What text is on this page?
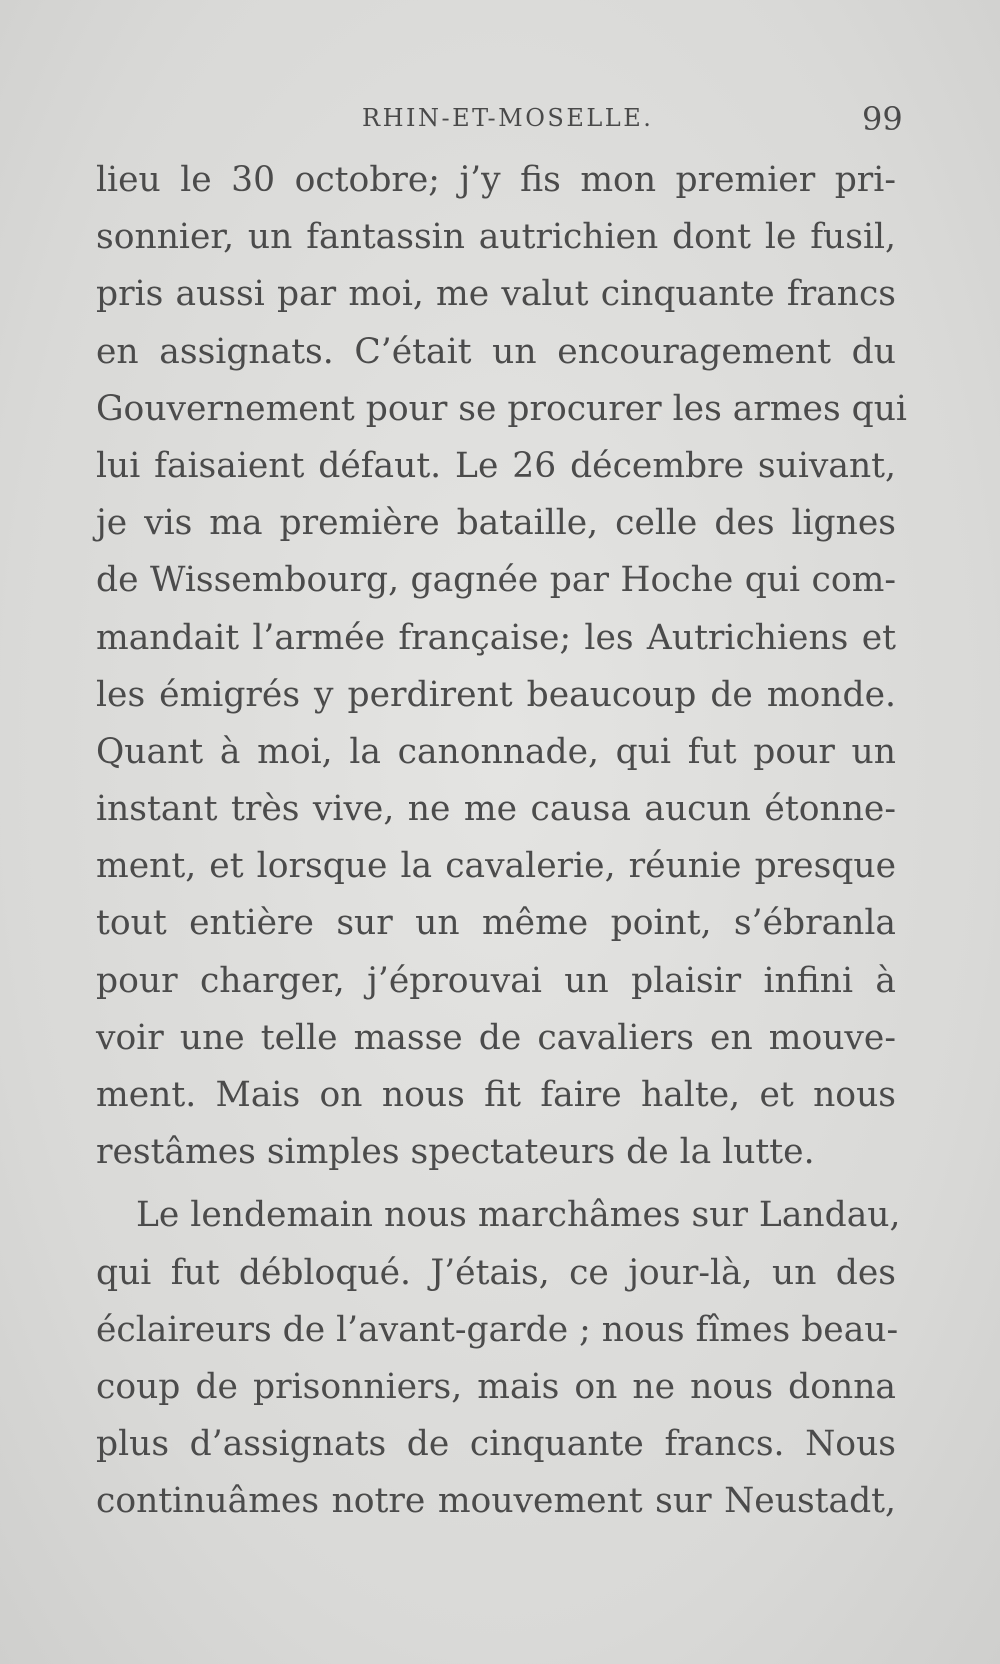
RHIN-ET-MOSELLE.	99
lieu le 30 octobre; j’y fis mon premier pri-
sonnier, un fantassin autrichien dont le fusil,
pris aussi par moi, me valut cinquante francs
en assignats. C’était un encouragement du
Gouvernement pour se procurer les armes qui
lui faisaient défaut. Le 26 décembre suivant,
je vis ma première bataille, celle des lignes
de Wissembourg, gagnée par Hoche qui com-
mandait l’armée française; les Autrichiens et
les émigrés y perdirent beaucoup de monde.
Quant à moi, la canonnade, qui fut pour un
instant très vive, ne me causa aucun étonne-
ment, et lorsque la cavalerie, réunie presque
tout entière sur un même point, s’ébranla
pour charger, j’éprouvai un plaisir infini à
voir une telle masse de cavaliers en mouve-
ment. Mais on nous fit faire halte, et nous
restâmes simples spectateurs de la lutte.
Le lendemain nous marchâmes sur Landau,
qui fut débloqué. J’étais, ce jour-là, un des
éclaireurs de l’avant-garde ; nous fîmes beau-
coup de prisonniers, mais on ne nous donna
plus d’assignats de cinquante francs. Nous
continuâmes notre mouvement sur Neustadt,
